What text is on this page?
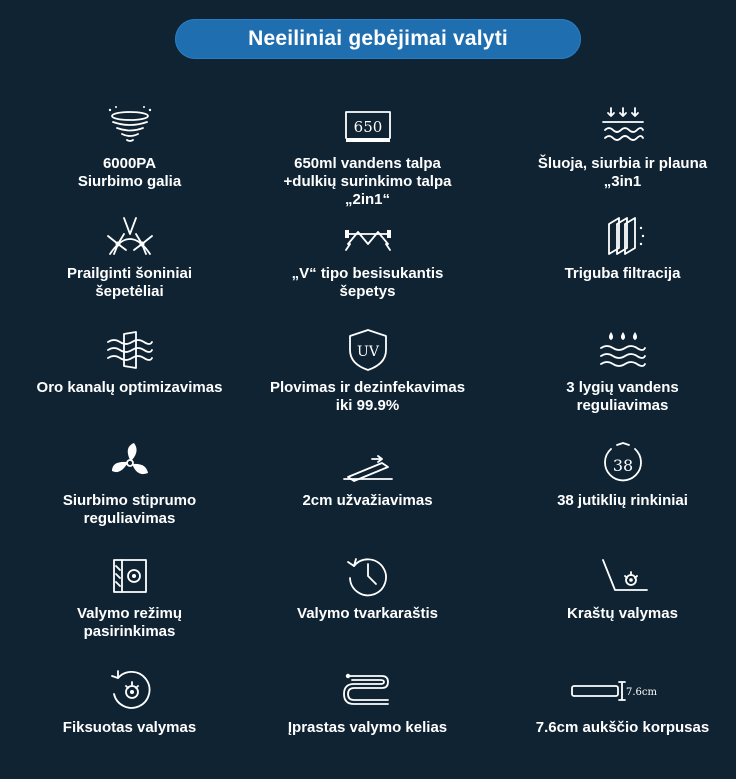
Neeiliniai gebėjimai valyti
6000PA
Siurbimo galia
650
650ml vandens talpa
+dulkių surinkimo talpa
„2in1“
Šluoja, siurbia ir plauna
„3in1
Prailginti šoniniai
šepetėliai
„V“ tipo besisukantis
šepetys
Triguba filtracija
Oro kanalų optimizavimas
UV
Plovimas ir dezinfekavimas
iki 99.9%
3 lygių vandens
reguliavimas
Siurbimo stiprumo
reguliavimas
2cm užvažiavimas
38
38 jutiklių rinkiniai
Valymo režimų
pasirinkimas
Valymo tvarkaraštis	Kraštų valymas
Fiksuotas valymas	Įprastas valymo kelias
7.6cm
7.6cm aukščio korpusas
